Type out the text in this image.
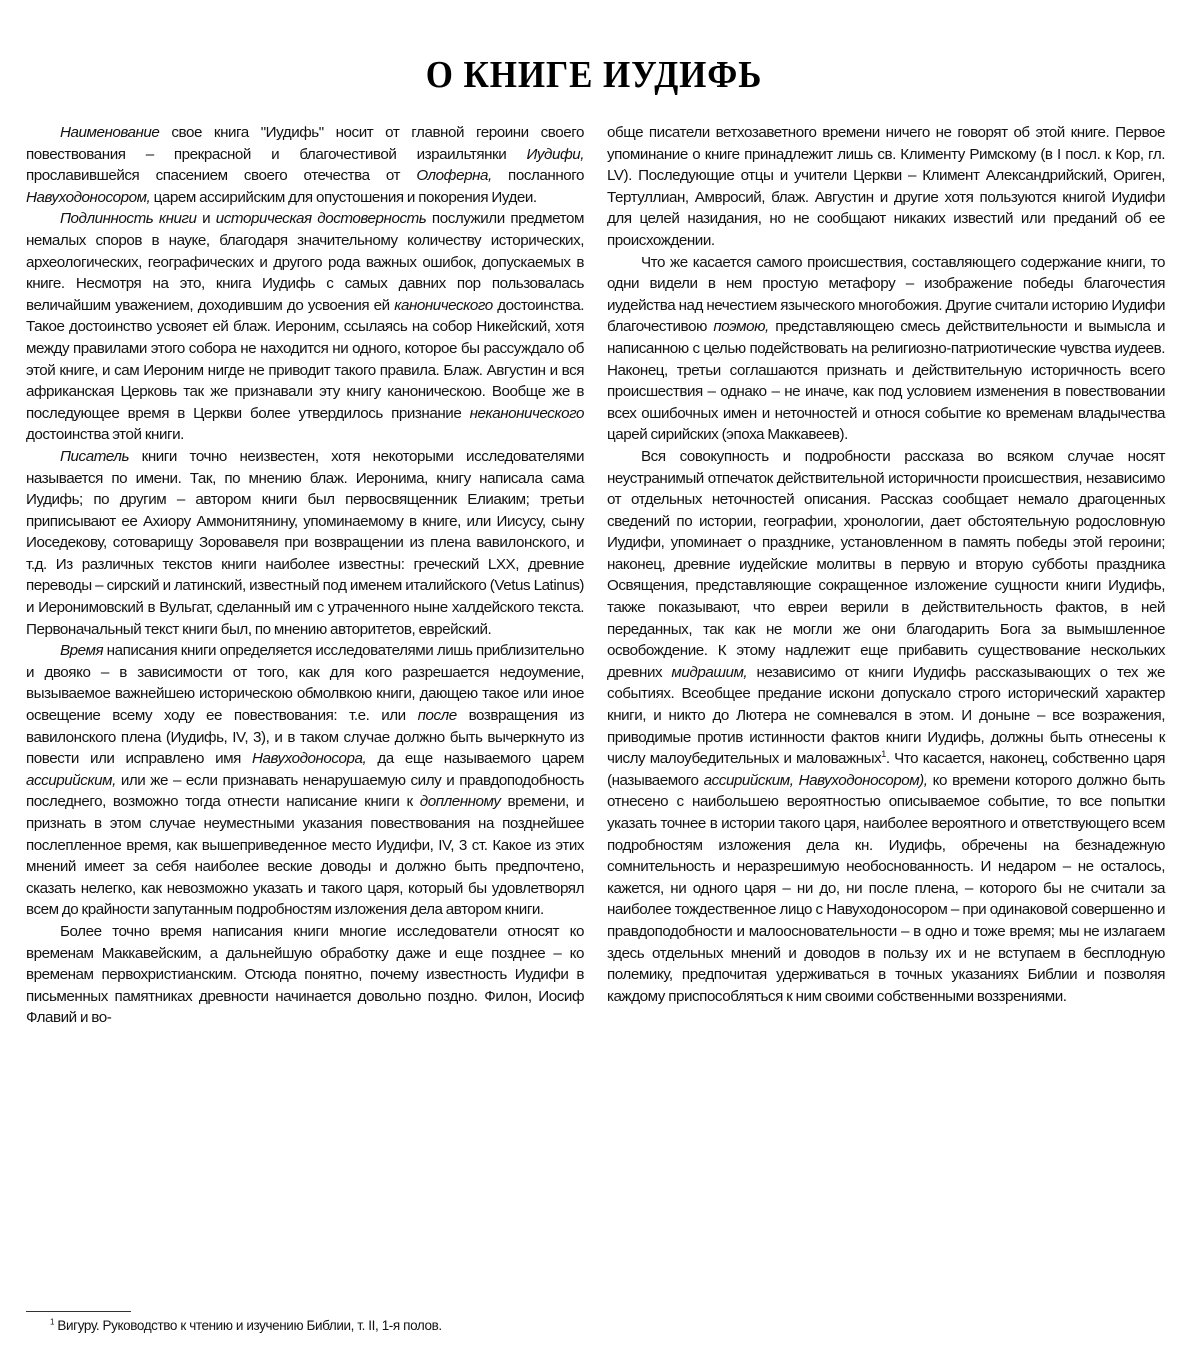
О КНИГЕ ИУДИФЬ

Наименование свое книга "Иудифь" носит от главной героини своего повествования – прекрасной и благочестивой израильтянки Иудифи, прославившейся спасением своего отечества от Олоферна, посланного Навуходоносором, царем ассирийским для опустошения и покорения Иудеи.

Подлинность книги и историческая достоверность послужили предметом немалых споров в науке, благодаря значительному количеству исторических, археологических, географических и другого рода важных ошибок, допускаемых в книге. Несмотря на это, книга Иудифь с самых давних пор пользовалась величайшим уважением, доходившим до усвоения ей канонического достоинства. Такое достоинство усвояет ей блаж. Иероним, ссылаясь на собор Никейский, хотя между правилами этого собора не находится ни одного, которое бы рассуждало об этой книге, и сам Иероним нигде не приводит такого правила. Блаж. Августин и вся африканская Церковь так же признавали эту книгу каноническою. Вообще же в последующее время в Церкви более утвердилось признание неканонического достоинства этой книги.

Писатель книги точно неизвестен, хотя некоторыми исследователями называется по имени. Так, по мнению блаж. Иеронима, книгу написала сама Иудифь; по другим – автором книги был первосвященник Елиаким; третьи приписывают ее Ахиору Аммонитянину, упоминаемому в книге, или Иисусу, сыну Иоседекову, сотоварищу Зоровавеля при возвращении из плена вавилонского, и т.д. Из различных текстов книги наиболее известны: греческий LXX, древние переводы – сирский и латинский, известный под именем италийского (Vetus Latinus) и Иеронимовский в Вульгат, сделанный им с утраченного ныне халдейского текста. Первоначальный текст книги был, по мнению авторитетов, еврейский.

Время написания книги определяется исследователями лишь приблизительно и двояко – в зависимости от того, как для кого разрешается недоумение, вызываемое важнейшею историческою обмолвкою книги, дающею такое или иное освещение всему ходу ее повествования: т.е. или после возвращения из вавилонского плена (Иудифь, IV, 3), и в таком случае должно быть вычеркнуто из повести или исправлено имя Навуходоносора, да еще называемого царем ассирийским, или же – если признавать ненарушаемую силу и правдоподобность последнего, возможно тогда отнести написание книги к допленному времени, и признать в этом случае неуместными указания повествования на позднейшее послепленное время, как вышеприведенное место Иудифи, IV, 3 ст. Какое из этих мнений имеет за себя наиболее веские доводы и должно быть предпочтено, сказать нелегко, как невозможно указать и такого царя, который бы удовлетворял всем до крайности запутанным подробностям изложения дела автором книги.

Более точно время написания книги многие исследователи относят ко временам Маккавейским, а дальнейшую обработку даже и еще позднее – ко временам первохристианским. Отсюда понятно, почему известность Иудифи в письменных памятниках древности начинается довольно поздно. Филон, Иосиф Флавий и во-

обще писатели ветхозаветного времени ничего не говорят об этой книге. Первое упоминание о книге принадлежит лишь св. Клименту Римскому (в I посл. к Кор, гл. LV). Последующие отцы и учители Церкви – Климент Александрийский, Ориген, Тертуллиан, Амвросий, блаж. Августин и другие хотя пользуются книгой Иудифи для целей назидания, но не сообщают никаких известий или преданий об ее происхождении.

Что же касается самого происшествия, составляющего содержание книги, то одни видели в нем простую метафору – изображение победы благочестия иудейства над нечестием языческого многобожия. Другие считали историю Иудифи благочестивою поэмою, представляющею смесь действительности и вымысла и написанною с целью подействовать на религиозно-патриотические чувства иудеев. Наконец, третьи соглашаются признать и действительную историчность всего происшествия – однако – не иначе, как под условием изменения в повествовании всех ошибочных имен и неточностей и относя событие ко временам владычества царей сирийских (эпоха Маккавеев).

Вся совокупность и подробности рассказа во всяком случае носят неустранимый отпечаток действительной историчности происшествия, независимо от отдельных неточностей описания. Рассказ сообщает немало драгоценных сведений по истории, географии, хронологии, дает обстоятельную родословную Иудифи, упоминает о празднике, установленном в память победы этой героини; наконец, древние иудейские молитвы в первую и вторую субботы праздника Освящения, представляющие сокращенное изложение сущности книги Иудифь, также показывают, что евреи верили в действительность фактов, в ней переданных, так как не могли же они благодарить Бога за вымышленное освобождение. К этому надлежит еще прибавить существование нескольких древних мидрашим, независимо от книги Иудифь рассказывающих о тех же событиях. Всеобщее предание искони допускало строго исторический характер книги, и никто до Лютера не сомневался в этом. И доныне – все возражения, приводимые против истинности фактов книги Иудифь, должны быть отнесены к числу малоубедительных и маловажных$^1$. Что касается, наконец, собственно царя (называемого ассирийским, Навуходоносором), ко времени которого должно быть отнесено с наибольшею вероятностью описываемое событие, то все попытки указать точнее в истории такого царя, наиболее вероятного и ответствующего всем подробностям изложения дела кн. Иудифь, обречены на безнадежную сомнительность и неразрешимую необоснованность. И недаром – не осталось, кажется, ни одного царя – ни до, ни после плена, – которого бы не считали за наиболее тождественное лицо с Навуходоносором – при одинаковой совершенно и правдоподобности и малоосновательности – в одно и тоже время; мы не излагаем здесь отдельных мнений и доводов в пользу их и не вступаем в бесплодную полемику, предпочитая удерживаться в точных указаниях Библии и позволяя каждому приспособляться к ним своими собственными воззрениями.

$^1$ Вигуру. Руководство к чтению и изучению Библии, т. II, 1-я полов.
